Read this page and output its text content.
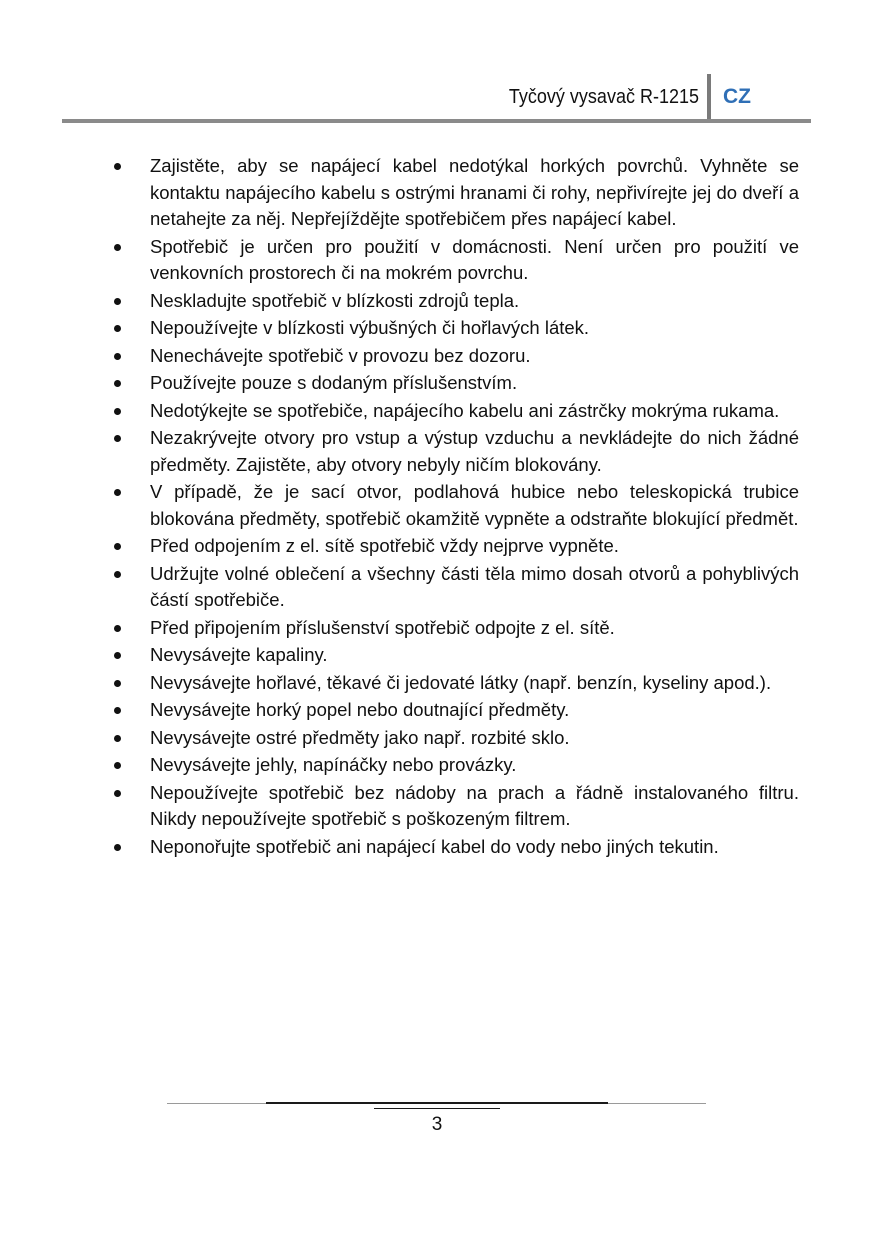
Tyčový vysavač R-1215 CZ
Zajistěte, aby se napájecí kabel nedotýkal horkých povrchů. Vyhněte se kontaktu napájecího kabelu s ostrými hranami či rohy, nepřivírejte jej do dveří a netahejte za něj. Nepřejíždějte spotřebičem přes napájecí kabel.
Spotřebič je určen pro použití v domácnosti. Není určen pro použití ve venkovních prostorech či na mokrém povrchu.
Neskladujte spotřebič v blízkosti zdrojů tepla.
Nepoužívejte v blízkosti výbušných či hořlavých látek.
Nenechávejte spotřebič v provozu bez dozoru.
Používejte pouze s dodaným příslušenstvím.
Nedotýkejte se spotřebiče, napájecího kabelu ani zástrčky mokrýma rukama.
Nezakrývejte otvory pro vstup a výstup vzduchu a nevkládejte do nich žádné předměty. Zajistěte, aby otvory nebyly ničím blokovány.
V případě, že je sací otvor, podlahová hubice nebo teleskopická trubice blokována předměty, spotřebič okamžitě vypněte a odstraňte blokující předmět.
Před odpojením z el. sítě spotřebič vždy nejprve vypněte.
Udržujte volné oblečení a všechny části těla mimo dosah otvorů a pohyblivých částí spotřebiče.
Před připojením příslušenství spotřebič odpojte z el. sítě.
Nevysávejte kapaliny.
Nevysávejte hořlavé, těkavé či jedovaté látky (např. benzín, kyseliny apod.).
Nevysávejte horký popel nebo doutnající předměty.
Nevysávejte ostré předměty jako např. rozbité sklo.
Nevysávejte jehly, napínáčky nebo provázky.
Nepoužívejte spotřebič bez nádoby na prach a řádně instalovaného filtru. Nikdy nepoužívejte spotřebič s poškozeným filtrem.
Neponořujte spotřebič ani napájecí kabel do vody nebo jiných tekutin.
3
